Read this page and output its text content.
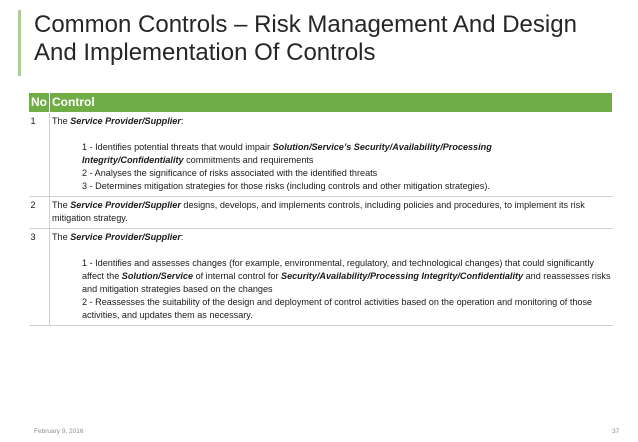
Common Controls – Risk Management And Design
And Implementation Of Controls
No	Control
1	The Service Provider/Supplier:
1 - Identifies potential threats that would impair Solution/Service’s Security/Availability/Processing
Integrity/Confidentiality commitments and requirements
2 - Analyses the significance of risks associated with the identified threats
3 - Determines mitigation strategies for those risks (including controls and other mitigation strategies).

2	The Service Provider/Supplier designs, develops, and implements controls, including policies and procedures, to implement its risk mitigation strategy.
3	The Service Provider/Supplier:
1 - Identifies and assesses changes (for example, environmental, regulatory, and technological changes) that could significantly affect the Solution/Service of internal control for Security/Availability/Processing Integrity/Confidentiality and reassesses risks and mitigation strategies based on the changes
2 - Reassesses the suitability of the design and deployment of control activities based on the operation and monitoring of those activities, and updates them as necessary.
February 9, 2016	37
